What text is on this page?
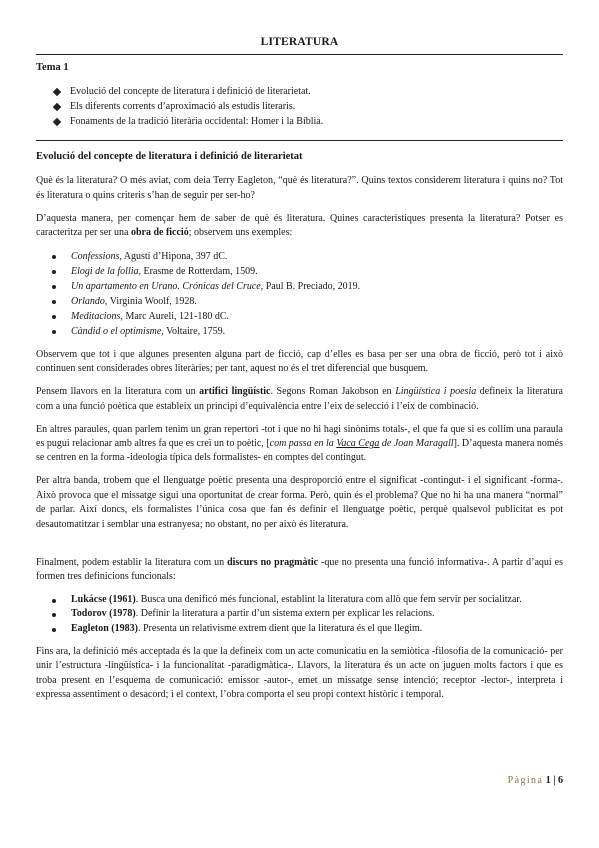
LITERATURA
Tema 1
Evolució del concepte de literatura i definició de literarietat.
Els diferents corrents d’aproximació als estudis literaris.
Fonaments de la tradició literària occidental: Homer i la Bíblia.

Evolució del concepte de literatura i definició de literarietat

Què és la literatura? O més aviat, com deia Terry Eagleton, “què és literatura?”. Quins textos considerem literatura i quins no? Tot és literatura o quins criteris s’han de seguir per ser-ho?

D’aquesta manera, per començar hem de saber de què és literatura. Quines característiques presenta la literatura? Potser es caracteritza per ser una obra de ficció; observem uns exemples:

Confessions, Agustí d’Hipona, 397 dC.
Elogi de la follia, Erasme de Rotterdam, 1509.
Un apartamento en Urano. Crónicas del Cruce, Paul B. Preciado, 2019.
Orlando, Virginia Woolf, 1928.
Meditacions, Marc Aureli, 121-180 dC.
Càndid o el optimisme, Voltaire, 1759.

Observem que tot i que algunes presenten alguna part de ficció, cap d’elles es basa per ser una obra de ficció, però tot i això continuen sent considerades obres literàries; per tant, aquest no és el tret diferencial que busquem.

Pensem llavors en la literatura com un artifici lingüístic. Segons Roman Jakobson en Lingüística i poesia defineix la literatura com a una funció poètica que estableix un principi d’equivalència entre l’eix de selecció i l’eix de combinació.

En altres paraules, quan parlem tenim un gran repertori -tot i que no hi hagi sinònims totals-, el que fa que si es collim una paraula es pugui relacionar amb altres fa que es creï un to poètic, [com passa en la Vaca Cega de Joan Maragall]. D’aquesta manera només se centren en la forma -ideologia típica dels formalistes- en comptes del contingut.

Per altra banda, trobem que el llenguatge poètic presenta una desproporció entre el significat -contingut- i el significant -forma-. Això provoca que el missatge sigui una oportunitat de crear forma. Però, quin és el problema? Que no hi ha una manera “normal” de parlar. Així doncs, els formalistes l’única cosa que fan és definir el llenguatge poètic, perquè qualsevol publicitat es pot desautomatitzar i semblar una estranyesa; no obstant, no per això és literatura.

Finalment, podem establir la literatura com un discurs no pragmàtic -que no presenta una funció informativa-. A partir d’aquí es formen tres definicions funcionals:

Lukácse (1961). Busca una denificó més funcional, establint la literatura com allò que fem servir per socialitzar.
Todorov (1978). Definir la literatura a partir d’un sistema extern per explicar les relacions.
Eagleton (1983). Presenta un relativisme extrem dient que la literatura és el que llegim.

Fins ara, la definició més acceptada és la que la defineix com un acte comunicatiu en la semiòtica -filosofia de la comunicació- per unir l’estructura -lingüística- i la funcionalitat -paradigmàtica-. Llavors, la literatura és un acte on juguen molts factors i que es troba present en l’esquema de comunicació: emissor -autor-, emet un missatge sense intenció; receptor -lector-, interpreta i expressa assentiment o desacord; i el context, l’obra comporta el seu propi context històric i temporal.

Pàgina 1 | 6
